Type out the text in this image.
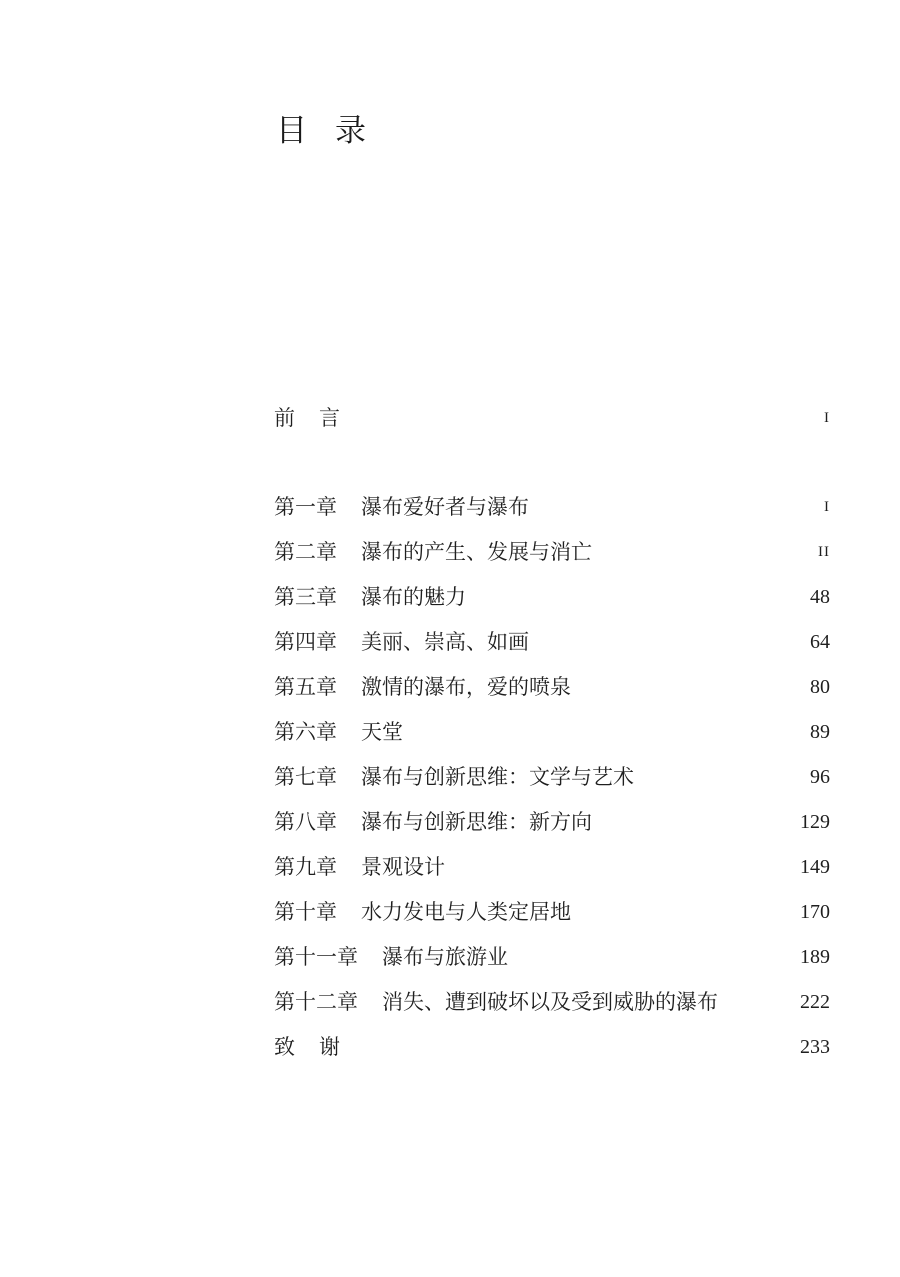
目录
前言	I
第一章 瀑布爱好者与瀑布	I
第二章 瀑布的产生、发展与消亡	II
第三章 瀑布的魅力	48
第四章 美丽、崇高、如画	64
第五章 激情的瀑布，爱的喷泉	80
第六章 天堂	89
第七章 瀑布与创新思维：文学与艺术	96
第八章 瀑布与创新思维：新方向	129
第九章 景观设计	149
第十章 水力发电与人类定居地	170
第十一章 瀑布与旅游业	189
第十二章 消失、遭到破坏以及受到威胁的瀑布	222
致谢	233
